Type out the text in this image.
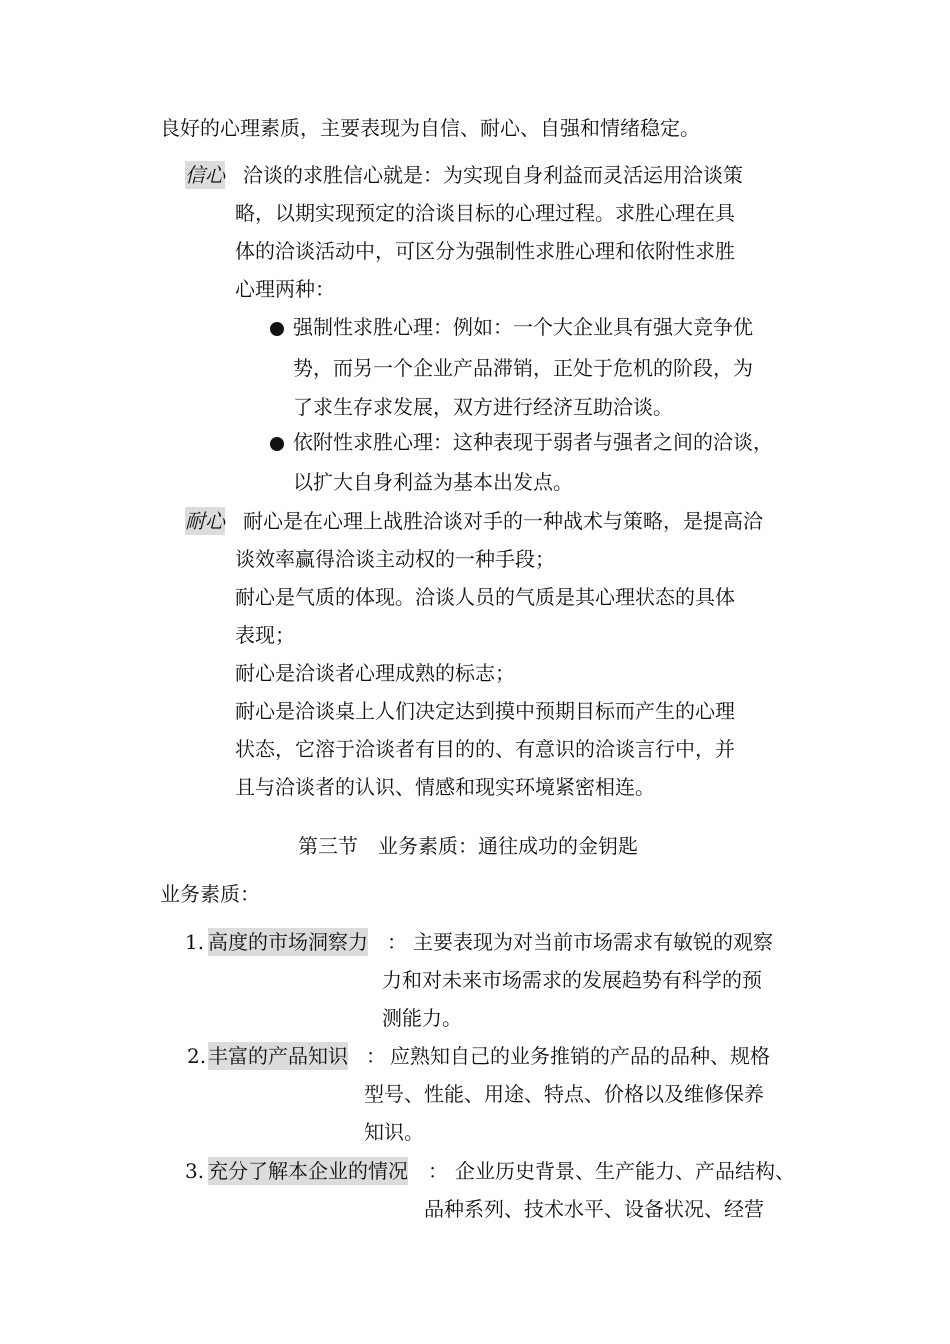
良好的心理素质，主要表现为自信、耐心、自强和情绪稳定。
信心 洽谈的求胜信心就是：为实现自身利益而灵活运用洽谈策
略，以期实现预定的洽谈目标的心理过程。求胜心理在具
体的洽谈活动中，可区分为强制性求胜心理和依附性求胜
心理两种：
强制性求胜心理：例如：一个大企业具有强大竞争优
势，而另一个企业产品滞销，正处于危机的阶段，为
了求生存求发展，双方进行经济互助洽谈。
依附性求胜心理：这种表现于弱者与强者之间的洽谈，
以扩大自身利益为基本出发点。
耐心 耐心是在心理上战胜洽谈对手的一种战术与策略，是提高洽
谈效率赢得洽谈主动权的一种手段；
耐心是气质的体现。洽谈人员的气质是其心理状态的具体
表现；
耐心是洽谈者心理成熟的标志；
耐心是洽谈桌上人们决定达到摸中预期目标而产生的心理
状态，它溶于洽谈者有目的的、有意识的洽谈言行中，并
且与洽谈者的认识、情感和现实环境紧密相连。
第三节　业务素质：通往成功的金钥匙
业务素质：
1. 高度的市场洞察力 ： 主要表现为对当前市场需求有敏锐的观察
力和对未来市场需求的发展趋势有科学的预
测能力。
2. 丰富的产品知识 ： 应熟知自己的业务推销的产品的品种、规格
型号、性能、用途、特点、价格以及维修保养
知识。
3. 充分了解本企业的情况 ： 企业历史背景、生产能力、产品结构、
品种系列、技术水平、设备状况、经营
